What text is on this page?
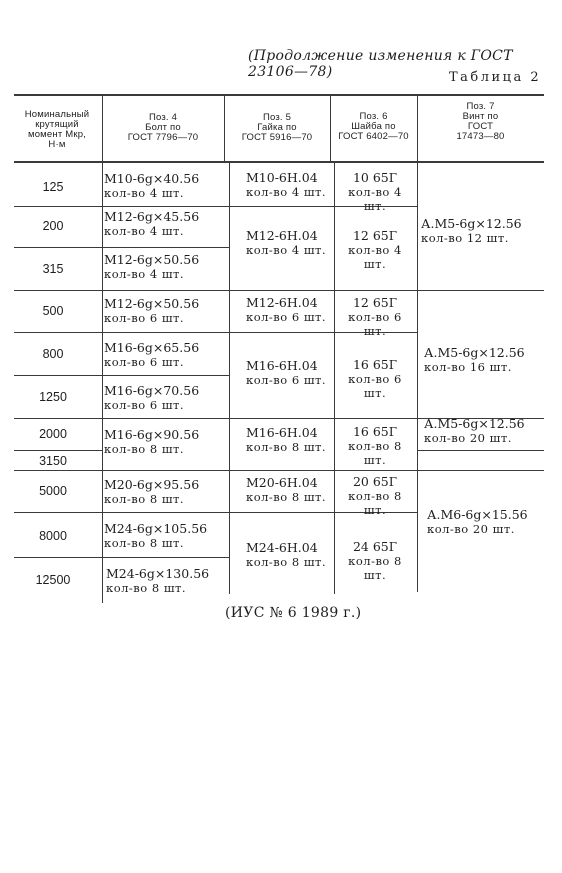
(Продолжение изменения к ГОСТ 23106—78)	Таблица 2
Номинальный
крутящий
момент Mкр,
Н·м
Поз. 4
Болт по
ГОСТ 7796—70
Поз. 5
Гайка по
ГОСТ 5916—70
Поз. 6
Шайба по
ГОСТ 6402—70
Поз. 7
Винт по
ГОСТ
17473—80
125
200
315
500
800
1250
2000
3150
5000
8000
12500
М10-6g×40.56
кол-во 4 шт.
М12-6g×45.56
кол-во 4 шт.
М12-6g×50.56
кол-во 4 шт.
М12-6g×50.56
кол-во 6 шт.
М16-6g×65.56
кол-во 6 шт.
М16-6g×70.56
кол-во 6 шт.
М16-6g×90.56
кол-во 8 шт.
М20-6g×95.56
кол-во 8 шт.
М24-6g×105.56
кол-во 8 шт.
М24-6g×130.56
кол-во 8 шт.
М10-6Н.04
кол-во 4 шт.
М12-6Н.04
кол-во 4 шт.
М12-6Н.04
кол-во 6 шт.
М16-6Н.04
кол-во 6 шт.
М16-6Н.04
кол-во 8 шт.
М20-6Н.04
кол-во 8 шт.
М24-6Н.04
кол-во 8 шт.
10 65Г
кол-во 4 шт.
12 65Г
кол-во 4 шт.
12 65Г
кол-во 6 шт.
16 65Г
кол-во 6 шт.
16 65Г
кол-во 8 шт.
20 65Г
кол-во 8 шт.
24 65Г
кол-во 8 шт.
А.М5-6g×12.56
кол-во 12 шт.
А.М5-6g×12.56
кол-во 16 шт.
А.М5-6g×12.56
кол-во 20 шт.
А.М6-6g×15.56
кол-во 20 шт.
(ИУС № 6 1989 г.)
